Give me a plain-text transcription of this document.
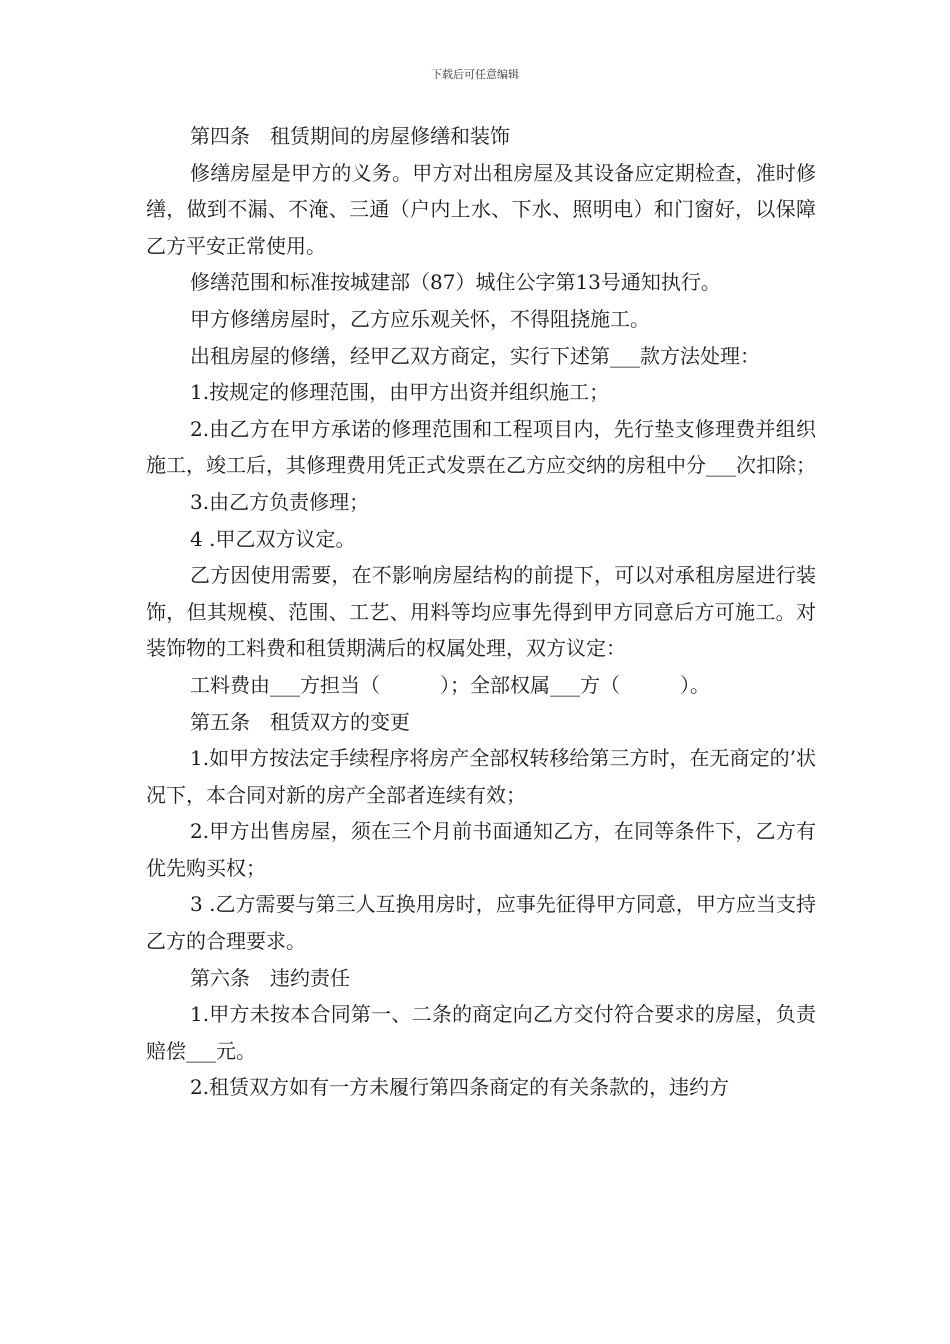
下载后可任意编辑

第四条　租赁期间的房屋修缮和装饰

修缮房屋是甲方的义务。甲方对出租房屋及其设备应定期检查，准时修缮，做到不漏、不淹、三通（户内上水、下水、照明电）和门窗好，以保障乙方平安正常使用。

修缮范围和标准按城建部（87）城住公字第13号通知执行。

甲方修缮房屋时，乙方应乐观关怀，不得阻挠施工。

出租房屋的修缮，经甲乙双方商定，实行下述第___款方法处理：

1.按规定的修理范围，由甲方出资并组织施工；

2.由乙方在甲方承诺的修理范围和工程项目内，先行垫支修理费并组织施工，竣工后，其修理费用凭正式发票在乙方应交纳的房租中分___次扣除；

3.由乙方负责修理；

4 .甲乙双方议定。

乙方因使用需要，在不影响房屋结构的前提下，可以对承租房屋进行装饰，但其规模、范围、工艺、用料等均应事先得到甲方同意后方可施工。对装饰物的工料费和租赁期满后的权属处理，双方议定：

工料费由___方担当（　　　）；全部权属___方（　　　）。

第五条　租赁双方的变更

1.如甲方按法定手续程序将房产全部权转移给第三方时，在无商定的’状况下，本合同对新的房产全部者连续有效；

2.甲方出售房屋，须在三个月前书面通知乙方，在同等条件下，乙方有优先购买权；

3 .乙方需要与第三人互换用房时，应事先征得甲方同意，甲方应当支持乙方的合理要求。

第六条　违约责任

1.甲方未按本合同第一、二条的商定向乙方交付符合要求的房屋，负责赔偿___元。

2.租赁双方如有一方未履行第四条商定的有关条款的，违约方
